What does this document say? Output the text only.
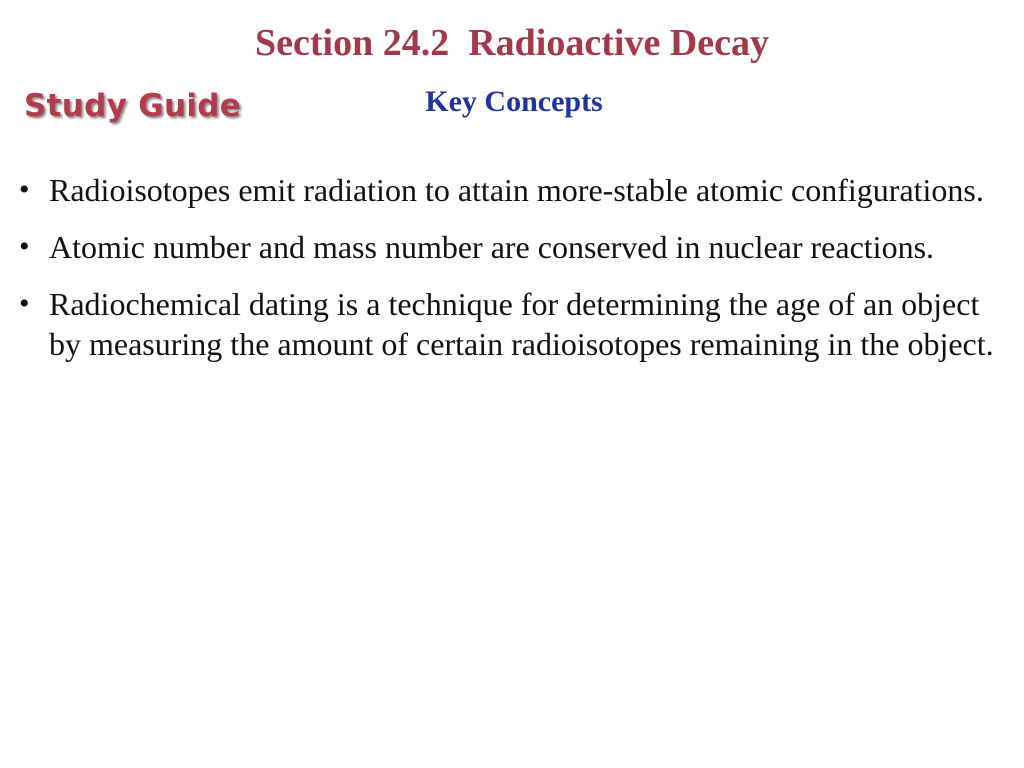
Section 24.2  Radioactive Decay
Study Guide	Key Concepts
• Radioisotopes emit radiation to attain more-stable atomic configurations.
• Atomic number and mass number are conserved in nuclear reactions.
• Radiochemical dating is a technique for determining the age of an object by measuring the amount of certain radioisotopes remaining in the object.
